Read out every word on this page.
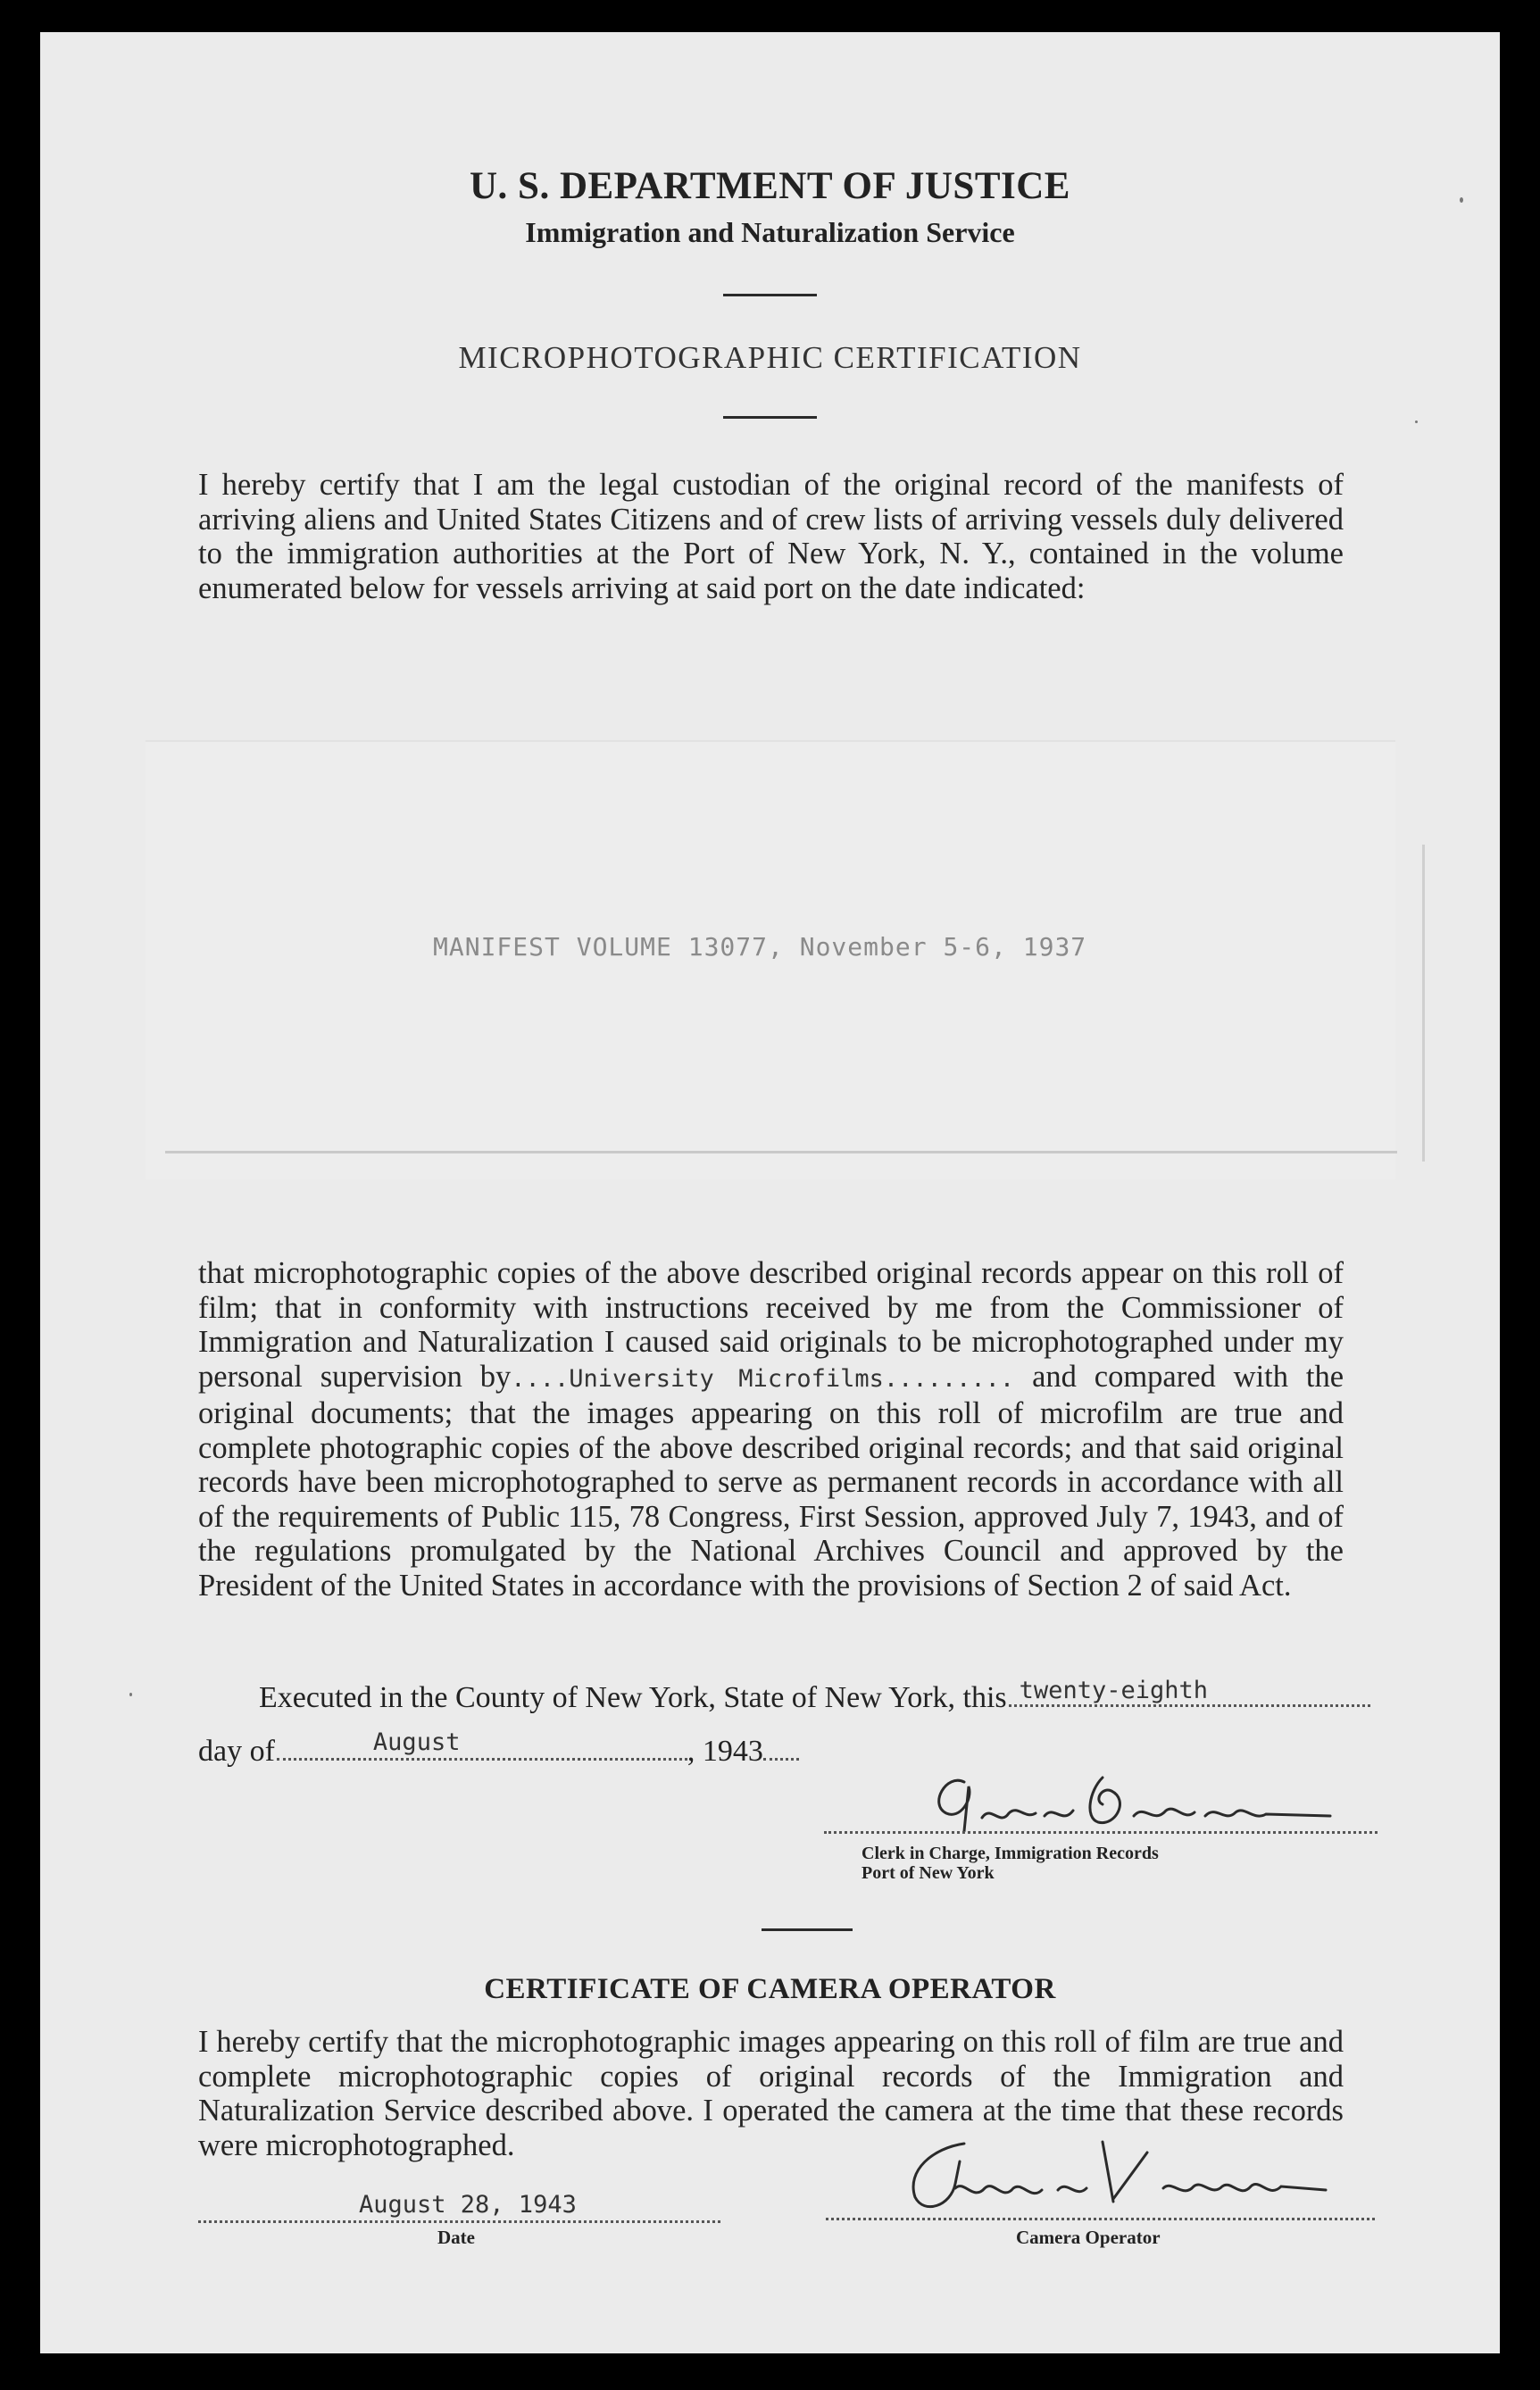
U. S. DEPARTMENT OF JUSTICE
Immigration and Naturalization Service
MICROPHOTOGRAPHIC CERTIFICATION
I hereby certify that I am the legal custodian of the original record of the manifests of arriving aliens and United States Citizens and of crew lists of arriving vessels duly delivered to the immigration authorities at the Port of New York, N. Y., contained in the volume enumerated below for vessels arriving at said port on the date indicated:
MANIFEST VOLUME 13077, November 5-6, 1937
that microphotographic copies of the above described original records appear on this roll of film; that in conformity with instructions received by me from the Commissioner of Immigration and Naturalization I caused said originals to be microphotographed under my personal supervision by....University Microfilms......... and compared with the original documents; that the images appearing on this roll of microfilm are true and complete photographic copies of the above described original records; and that said original records have been microphotographed to serve as permanent records in accordance with all of the requirements of Public 115, 78 Congress, First Session, approved July 7, 1943, and of the regulations promulgated by the National Archives Council and approved by the President of the United States in accordance with the provisions of Section 2 of said Act.
Executed in the County of New York, State of New York, this twenty-eighth
day of	August	, 1943
Clerk in Charge, Immigration Records
Port of New York
CERTIFICATE OF CAMERA OPERATOR
I hereby certify that the microphotographic images appearing on this roll of film are true and complete microphotographic copies of original records of the Immigration and Naturalization Service described above. I operated the camera at the time that these records were microphotographed.
August 28, 1943
Date	Camera Operator
